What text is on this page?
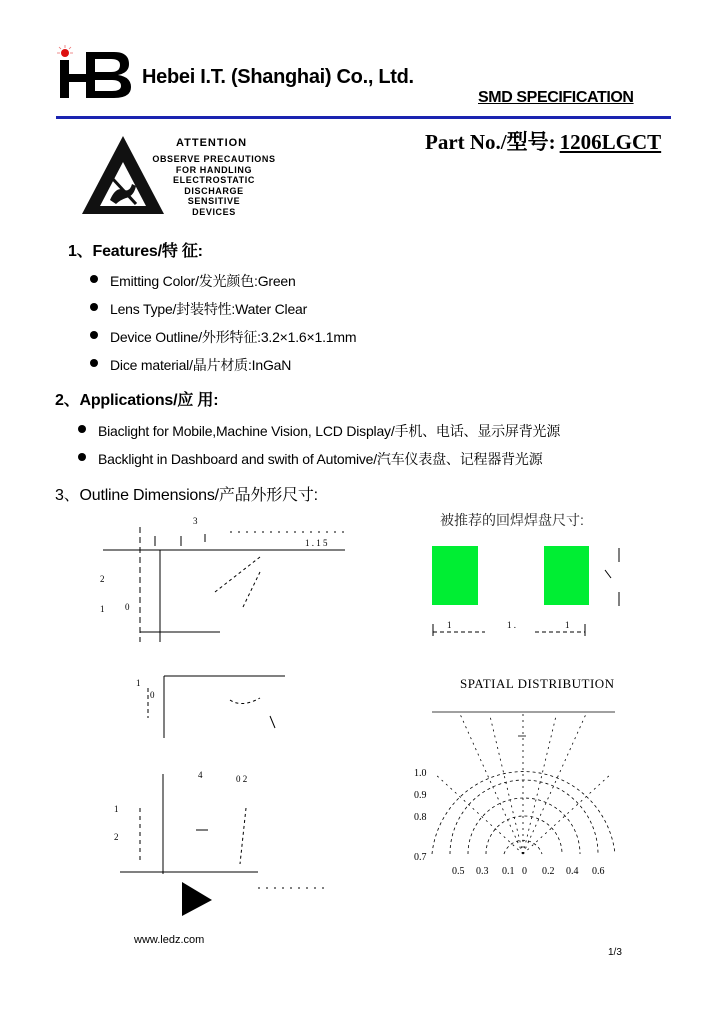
Hebei I.T. (Shanghai) Co., Ltd.
SMD SPECIFICATION
Part No./型号: 1206LGCT
ATTENTION
OBSERVE PRECAUTIONS
FOR HANDLING
ELECTROSTATIC
DISCHARGE
SENSITIVE
DEVICES
1、Features/特 征:
Emitting Color/发光颜色:Green
Lens Type/封装特性:Water Clear
Device Outline/外形特征:3.2×1.6×1.1mm
Dice material/晶片材质:InGaN
2、Applications/应 用:
Biaclight for Mobile,Machine Vision, LCD Display/手机、电话、显示屏背光源
Backlight in Dashboard and swith of Automive/汽车仪表盘、记程器背光源
3、Outline Dimensions/产品外形尺寸:
2
1 0
3
1 . 1 5
1
0
1
2
4	0 2
被推荐的回焊焊盘尺寸:
1	1 .	1
SPATIAL DISTRIBUTION
1.0
0.9
0.8
0.7
0.5 0.3 0.1 0 0.2 0.4 0.6
www.ledz.com
1/3
